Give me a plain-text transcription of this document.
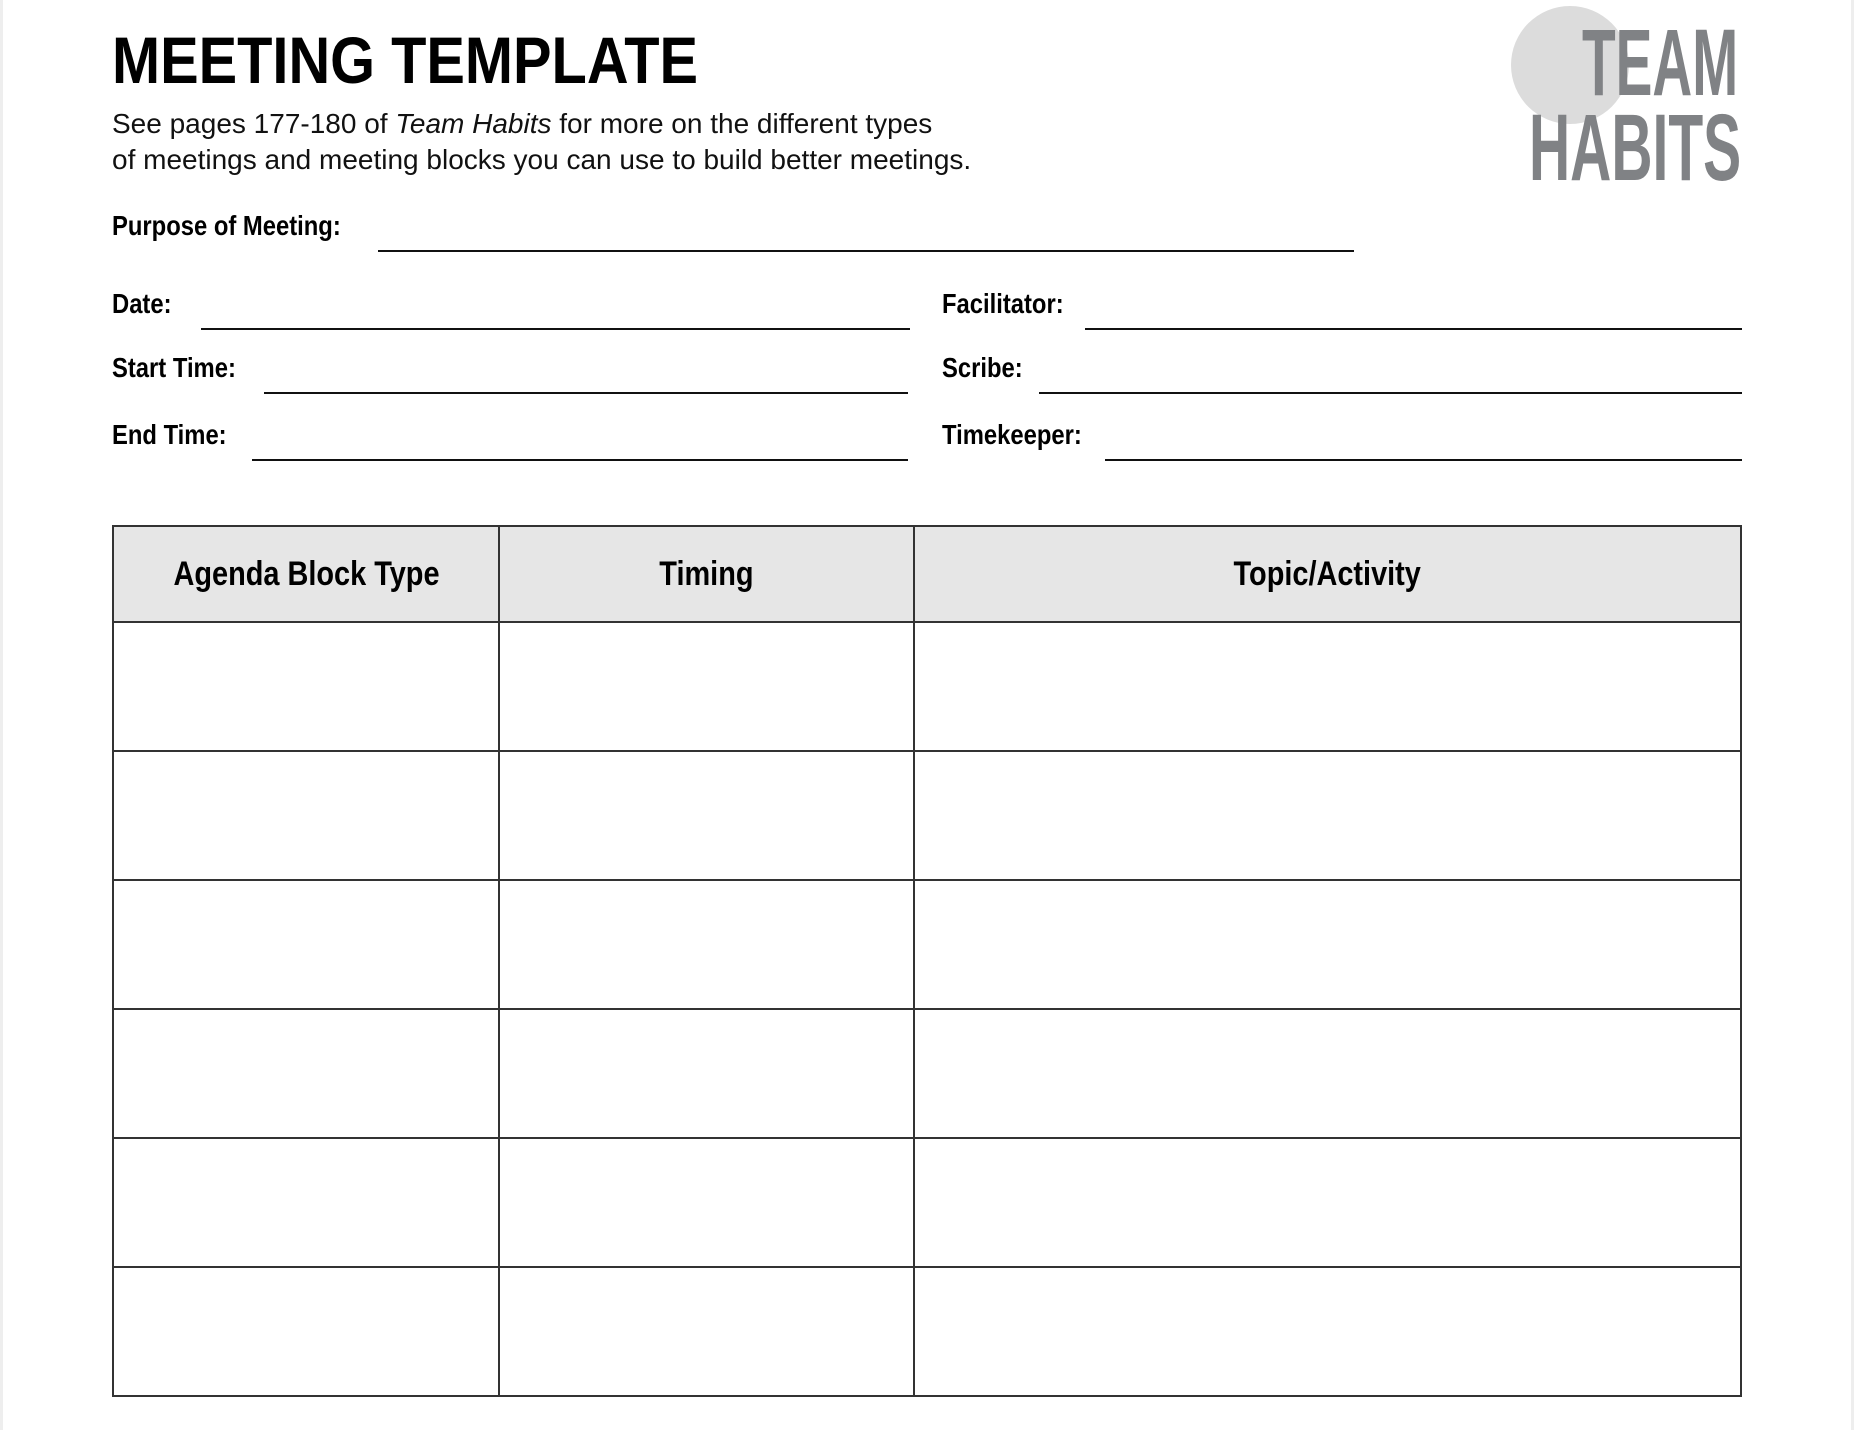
MEETING TEMPLATE
See pages 177-180 of Team Habits for more on the different types
of meetings and meeting blocks you can use to build better meetings.
TEAM
HABITS
Purpose of Meeting:
Date:	Facilitator:
Start Time:	Scribe:
End Time:	Timekeeper:
Agenda Block Type	Timing	Topic/Activity
